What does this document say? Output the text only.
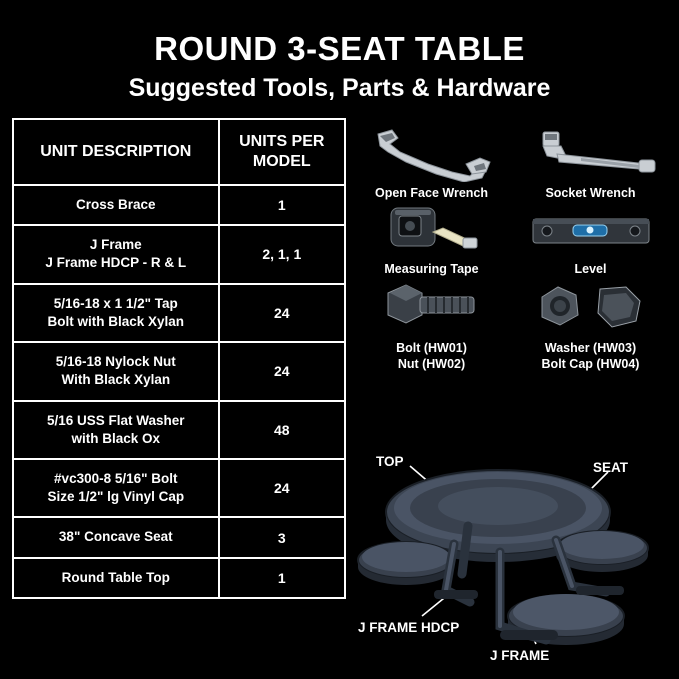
ROUND 3-SEAT TABLE
Suggested Tools, Parts & Hardware
UNIT DESCRIPTION	UNITS PER MODEL
Cross Brace	1
J Frame
J Frame HDCP - R & L	2, 1, 1
5/16-18 x 1 1/2" Tap
Bolt with Black Xylan	24
5/16-18 Nylock Nut
With Black Xylan	24
5/16 USS Flat Washer
with Black Ox	48
#vc300-8 5/16" Bolt
Size 1/2" lg Vinyl Cap	24
38" Concave Seat	3
Round Table Top	1
Open Face Wrench	Socket Wrench
Measuring Tape	Level
Bolt (HW01)
Nut (HW02)
Washer (HW03)
Bolt Cap (HW04)
TOP	SEAT
J FRAME HDCP
J FRAME
